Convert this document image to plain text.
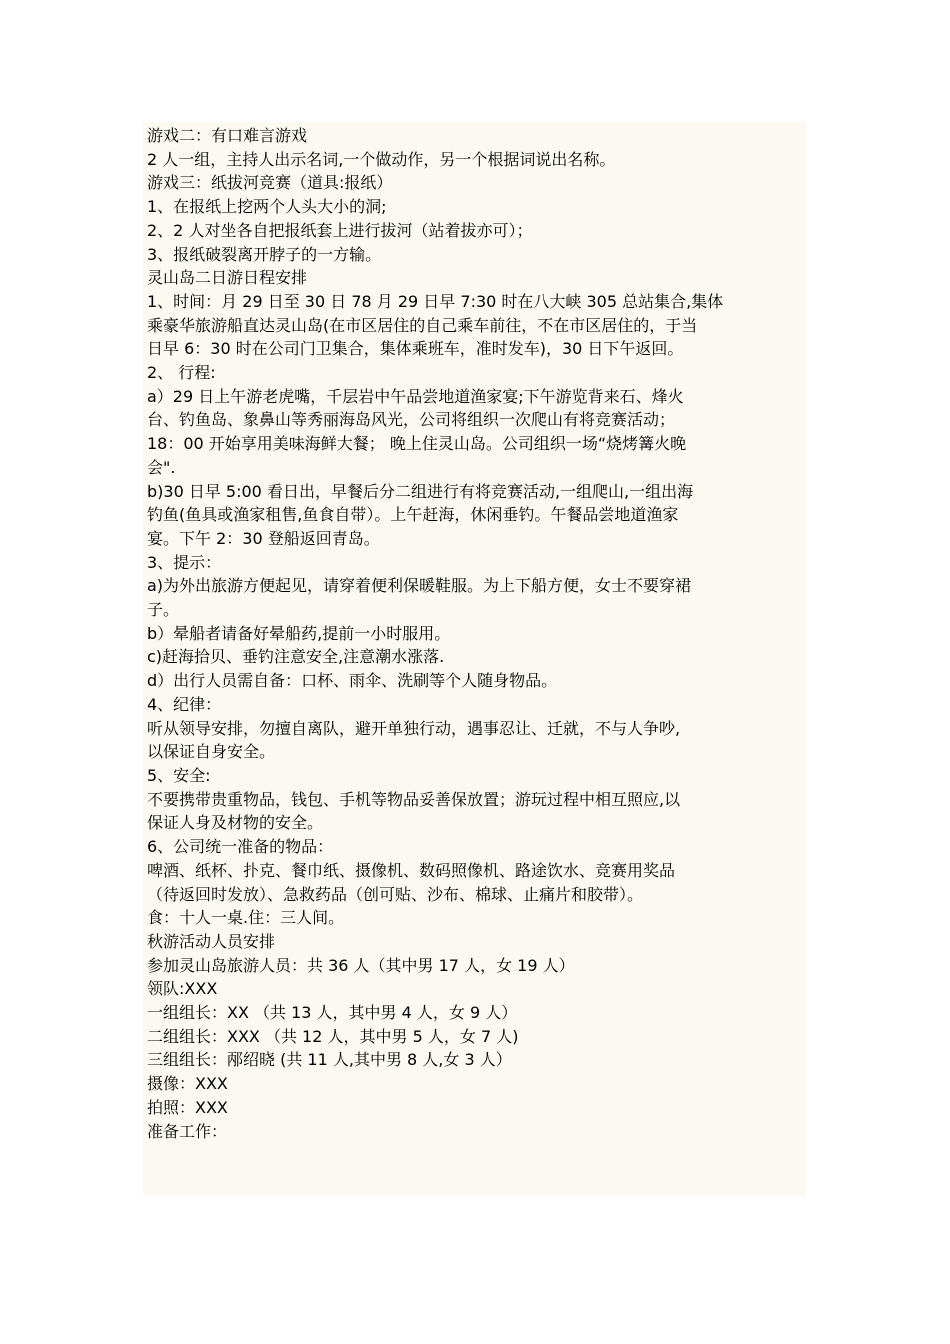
游戏二：有口难言游戏
2 人一组，主持人出示名词,一个做动作，另一个根据词说出名称。
游戏三：纸拔河竞赛（道具:报纸）
1、在报纸上挖两个人头大小的洞;
2、2 人对坐各自把报纸套上进行拔河（站着拔亦可）；
3、报纸破裂离开脖子的一方输。
灵山岛二日游日程安排
1、时间：月 29 日至 30 日 78 月 29 日早 7:30 时在八大峡 305 总站集合,集体
乘豪华旅游船直达灵山岛(在市区居住的自己乘车前往，不在市区居住的，于当
日早 6：30 时在公司门卫集合，集体乘班车，准时发车)，30 日下午返回。
2、 行程:
a）29 日上午游老虎嘴，千层岩中午品尝地道渔家宴;下午游览背来石、烽火
台、钓鱼岛、象鼻山等秀丽海岛风光，公司将组织一次爬山有将竞赛活动；
18：00 开始享用美味海鲜大餐； 晚上住灵山岛。公司组织一场“烧烤篝火晚
会".
b)30 日早 5:00 看日出，早餐后分二组进行有将竞赛活动,一组爬山,一组出海
钓鱼(鱼具或渔家租售,鱼食自带）。上午赶海，休闲垂钓。午餐品尝地道渔家
宴。下午 2：30 登船返回青岛。
3、提示：
a)为外出旅游方便起见，请穿着便利保暖鞋服。为上下船方便，女士不要穿裙
子。
b）晕船者请备好晕船药,提前一小时服用。
c)赶海拾贝、垂钓注意安全,注意潮水涨落.
d）出行人员需自备：口杯、雨伞、洗刷等个人随身物品。
4、纪律：
听从领导安排，勿擅自离队，避开单独行动，遇事忍让、迁就，不与人争吵,
以保证自身安全。
5、安全:
不要携带贵重物品，钱包、手机等物品妥善保放置；游玩过程中相互照应,以
保证人身及材物的安全。
6、公司统一准备的物品：
啤酒、纸杯、扑克、餐巾纸、摄像机、数码照像机、路途饮水、竞赛用奖品
（待返回时发放）、急救药品（创可贴、沙布、棉球、止痛片和胶带）。
食：十人一桌.住：三人间。
秋游活动人员安排
参加灵山岛旅游人员：共 36 人（其中男 17 人，女 19 人）
领队:XXX
一组组长：XX （共 13 人，其中男 4 人，女 9 人）
二组组长：XXX （共 12 人，其中男 5 人，女 7 人)
三组组长：邴绍晓 (共 11 人,其中男 8 人,女 3 人）
摄像：XXX
拍照：XXX
准备工作：
